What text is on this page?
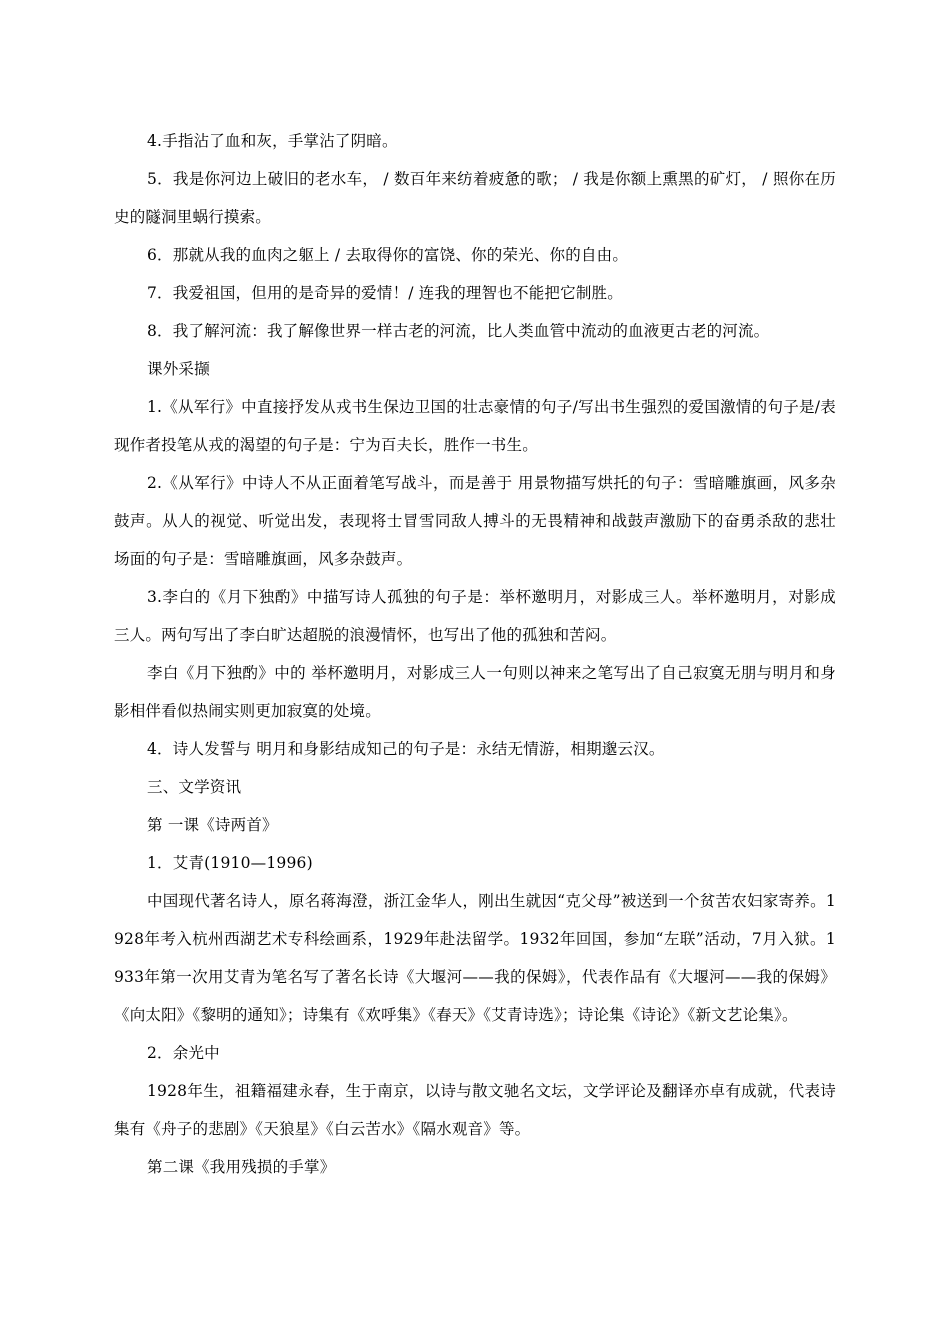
4.手指沾了血和灰，手掌沾了阴暗。

5．我是你河边上破旧的老水车， / 数百年来纺着疲惫的歌； / 我是你额上熏黑的矿灯， / 照你在历史的隧洞里蜗行摸索。

6．那就从我的血肉之躯上 / 去取得你的富饶、你的荣光、你的自由。

7．我爱祖国，但用的是奇异的爱情！/ 连我的理智也不能把它制胜。

8．我了解河流：我了解像世界一样古老的河流，比人类血管中流动的血液更古老的河流。

课外采撷

1.《从军行》中直接抒发从戎书生保边卫国的壮志豪情的句子/写出书生强烈的爱国激情的句子是/表现作者投笔从戎的渴望的句子是：宁为百夫长，胜作一书生。

2.《从军行》中诗人不从正面着笔写战斗，而是善于 用景物描写烘托的句子：雪暗雕旗画，风多杂鼓声。从人的视觉、听觉出发，表现将士冒雪同敌人搏斗的无畏精神和战鼓声激励下的奋勇杀敌的悲壮场面的句子是：雪暗雕旗画，风多杂鼓声。

3.李白的《月下独酌》中描写诗人孤独的句子是：举杯邀明月，对影成三人。举杯邀明月，对影成三人。两句写出了李白旷达超脱的浪漫情怀，也写出了他的孤独和苦闷。

李白《月下独酌》中的 举杯邀明月，对影成三人一句则以神来之笔写出了自己寂寞无朋与明月和身影相伴看似热闹实则更加寂寞的处境。

4．诗人发誓与 明月和身影结成知己的句子是：永结无情游，相期邈云汉。

三、文学资讯

第 一课《诗两首》

1．艾青(1910—1996)

中国现代著名诗人，原名蒋海澄，浙江金华人，刚出生就因“克父母”被送到一个贫苦农妇家寄养。1928年考入杭州西湖艺术专科绘画系，1929年赴法留学。1932年回国，参加“左联”活动，7月入狱。1933年第一次用艾青为笔名写了著名长诗《大堰河——我的保姆》，代表作品有《大堰河——我的保姆》《向太阳》《黎明的通知》；诗集有《欢呼集》《春天》《艾青诗选》；诗论集《诗论》《新文艺论集》。

2．余光中

1928年生，祖籍福建永春，生于南京，以诗与散文驰名文坛，文学评论及翻译亦卓有成就，代表诗集有《舟子的悲剧》《天狼星》《白云苦水》《隔水观音》等。

第二课《我用残损的手掌》
